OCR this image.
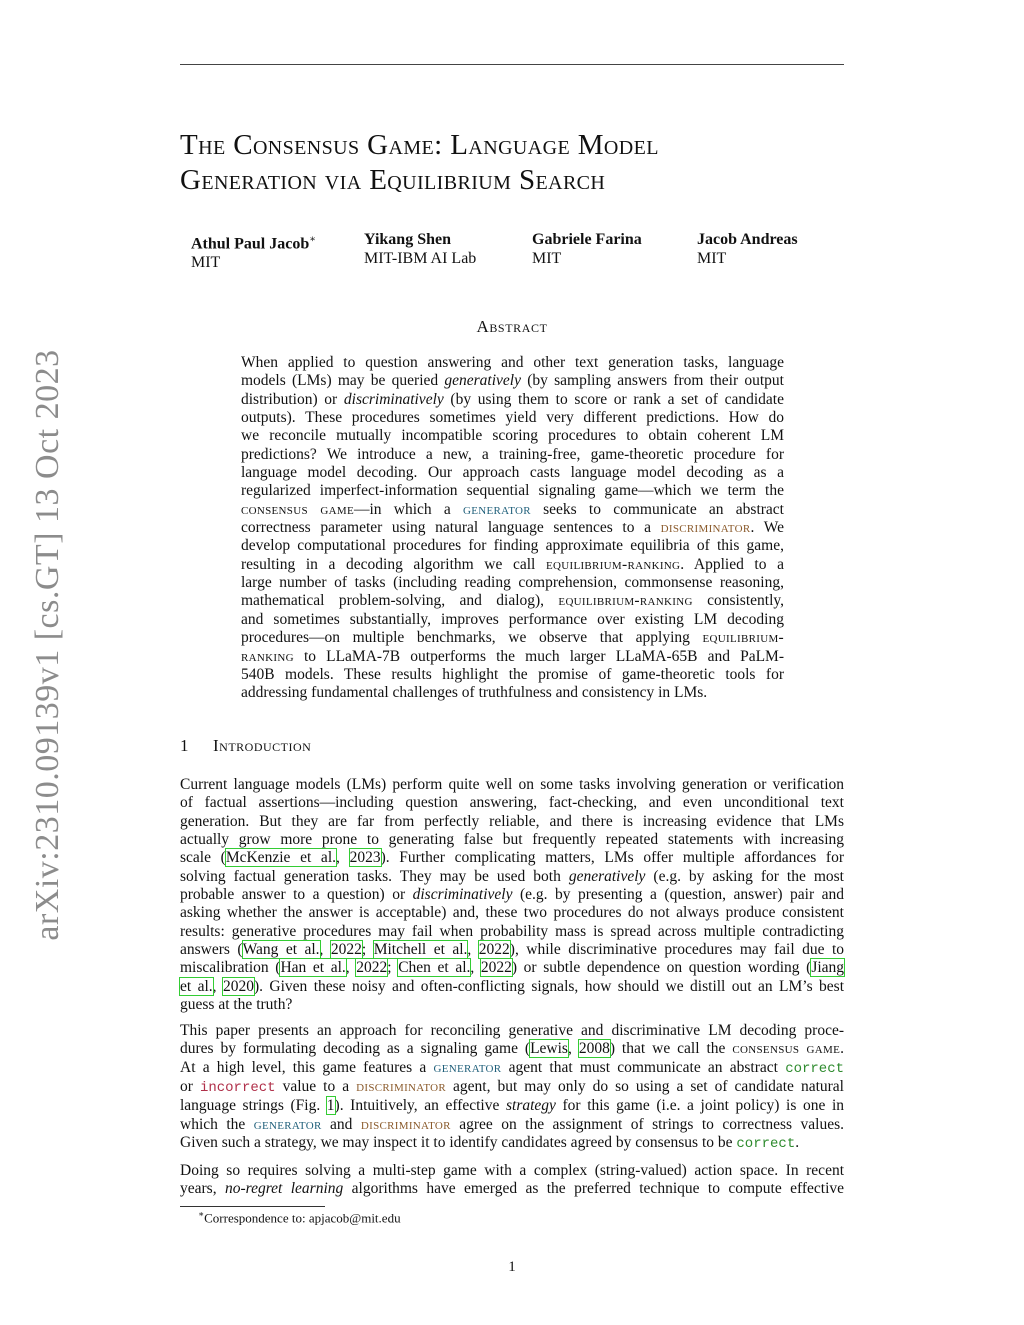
arXiv:2310.09139v1 [cs.GT] 13 Oct 2023
The Consensus Game: Language Model
Generation via Equilibrium Search
Athul Paul Jacob∗
MIT
Yikang Shen
MIT-IBM AI Lab
Gabriele Farina
MIT
Jacob Andreas
MIT
Abstract
When applied to question answering and other text generation tasks, language
models (LMs) may be queried generatively (by sampling answers from their output
distribution) or discriminatively (by using them to score or rank a set of candidate
outputs). These procedures sometimes yield very different predictions. How do
we reconcile mutually incompatible scoring procedures to obtain coherent LM
predictions? We introduce a new, a training-free, game-theoretic procedure for
language model decoding. Our approach casts language model decoding as a
regularized imperfect-information sequential signaling game—which we term the
consensus game—in which a generator seeks to communicate an abstract
correctness parameter using natural language sentences to a discriminator. We
develop computational procedures for finding approximate equilibria of this game,
resulting in a decoding algorithm we call equilibrium-ranking. Applied to a
large number of tasks (including reading comprehension, commonsense reasoning,
mathematical problem-solving, and dialog), equilibrium-ranking consistently,
and sometimes substantially, improves performance over existing LM decoding
procedures—on multiple benchmarks, we observe that applying equilibrium-
ranking to LLaMA-7B outperforms the much larger LLaMA-65B and PaLM-
540B models. These results highlight the promise of game-theoretic tools for
addressing fundamental challenges of truthfulness and consistency in LMs.
1 Introduction
Current language models (LMs) perform quite well on some tasks involving generation or verification
of factual assertions—including question answering, fact-checking, and even unconditional text
generation. But they are far from perfectly reliable, and there is increasing evidence that LMs
actually grow more prone to generating false but frequently repeated statements with increasing
scale (McKenzie et al., 2023). Further complicating matters, LMs offer multiple affordances for
solving factual generation tasks. They may be used both generatively (e.g. by asking for the most
probable answer to a question) or discriminatively (e.g. by presenting a (question, answer) pair and
asking whether the answer is acceptable) and, these two procedures do not always produce consistent
results: generative procedures may fail when probability mass is spread across multiple contradicting
answers (Wang et al., 2022; Mitchell et al., 2022), while discriminative procedures may fail due to
miscalibration (Han et al., 2022; Chen et al., 2022) or subtle dependence on question wording (Jiang
et al., 2020). Given these noisy and often-conflicting signals, how should we distill out an LM’s best
guess at the truth?
This paper presents an approach for reconciling generative and discriminative LM decoding proce-
dures by formulating decoding as a signaling game (Lewis, 2008) that we call the consensus game.
At a high level, this game features a generator agent that must communicate an abstract correct
or incorrect value to a discriminator agent, but may only do so using a set of candidate natural
language strings (Fig. 1). Intuitively, an effective strategy for this game (i.e. a joint policy) is one in
which the generator and discriminator agree on the assignment of strings to correctness values.
Given such a strategy, we may inspect it to identify candidates agreed by consensus to be correct.
Doing so requires solving a multi-step game with a complex (string-valued) action space. In recent
years, no-regret learning algorithms have emerged as the preferred technique to compute effective
∗Correspondence to: apjacob@mit.edu
1
